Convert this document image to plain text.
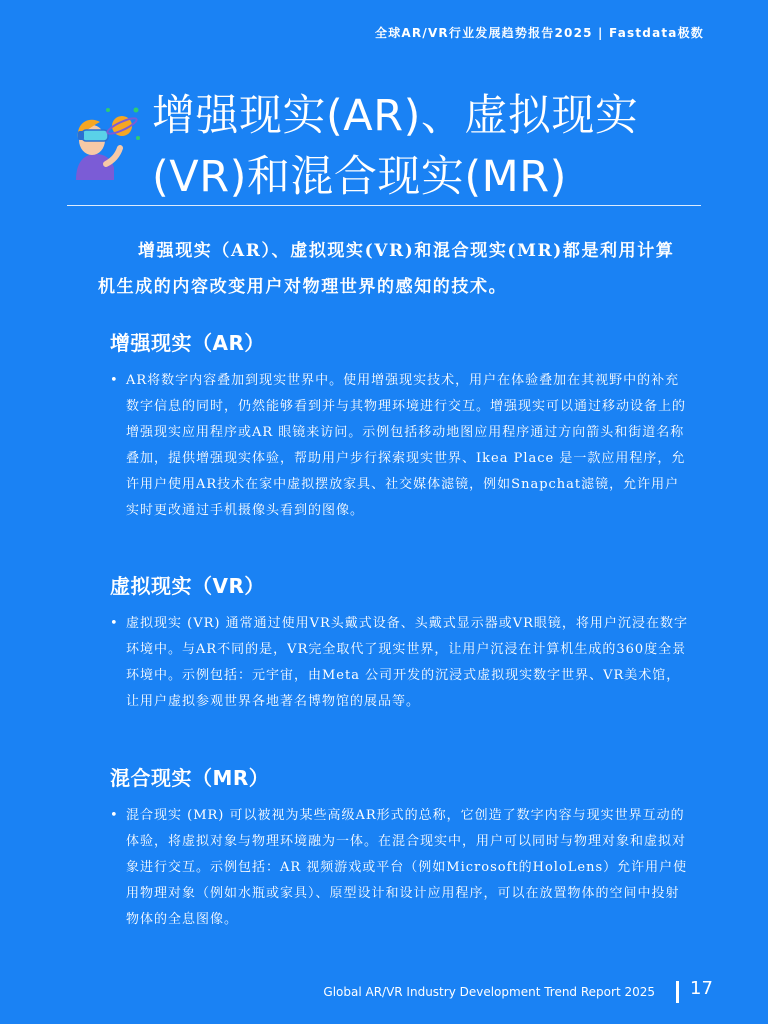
全球AR/VR行业发展趋势报告2025 | Fastdata极数
增强现实(AR)、虚拟现实(VR)和混合现实(MR)

增强现实（AR）、虚拟现实(VR)和混合现实(MR)都是利用计算机生成的内容改变用户对物理世界的感知的技术。

增强现实（AR）

• AR将数字内容叠加到现实世界中。使用增强现实技术，用户在体验叠加在其视野中的补充数字信息的同时，仍然能够看到并与其物理环境进行交互。增强现实可以通过移动设备上的增强现实应用程序或AR 眼镜来访问。示例包括移动地图应用程序通过方向箭头和街道名称叠加，提供增强现实体验，帮助用户步行探索现实世界、Ikea Place 是一款应用程序，允许用户使用AR技术在家中虚拟摆放家具、社交媒体滤镜，例如Snapchat滤镜，允许用户实时更改通过手机摄像头看到的图像。

虚拟现实（VR）

• 虚拟现实 (VR) 通常通过使用VR头戴式设备、头戴式显示器或VR眼镜，将用户沉浸在数字环境中。与AR不同的是，VR完全取代了现实世界，让用户沉浸在计算机生成的360度全景环境中。示例包括：元宇宙，由Meta 公司开发的沉浸式虚拟现实数字世界、VR美术馆，让用户虚拟参观世界各地著名博物馆的展品等。

混合现实（MR）

• 混合现实 (MR) 可以被视为某些高级AR形式的总称，它创造了数字内容与现实世界互动的体验，将虚拟对象与物理环境融为一体。在混合现实中，用户可以同时与物理对象和虚拟对象进行交互。示例包括：AR 视频游戏或平台（例如Microsoft的HoloLens）允许用户使用物理对象（例如水瓶或家具）、原型设计和设计应用程序，可以在放置物体的空间中投射物体的全息图像。

Global AR/VR Industry Development Trend Report 2025 17
